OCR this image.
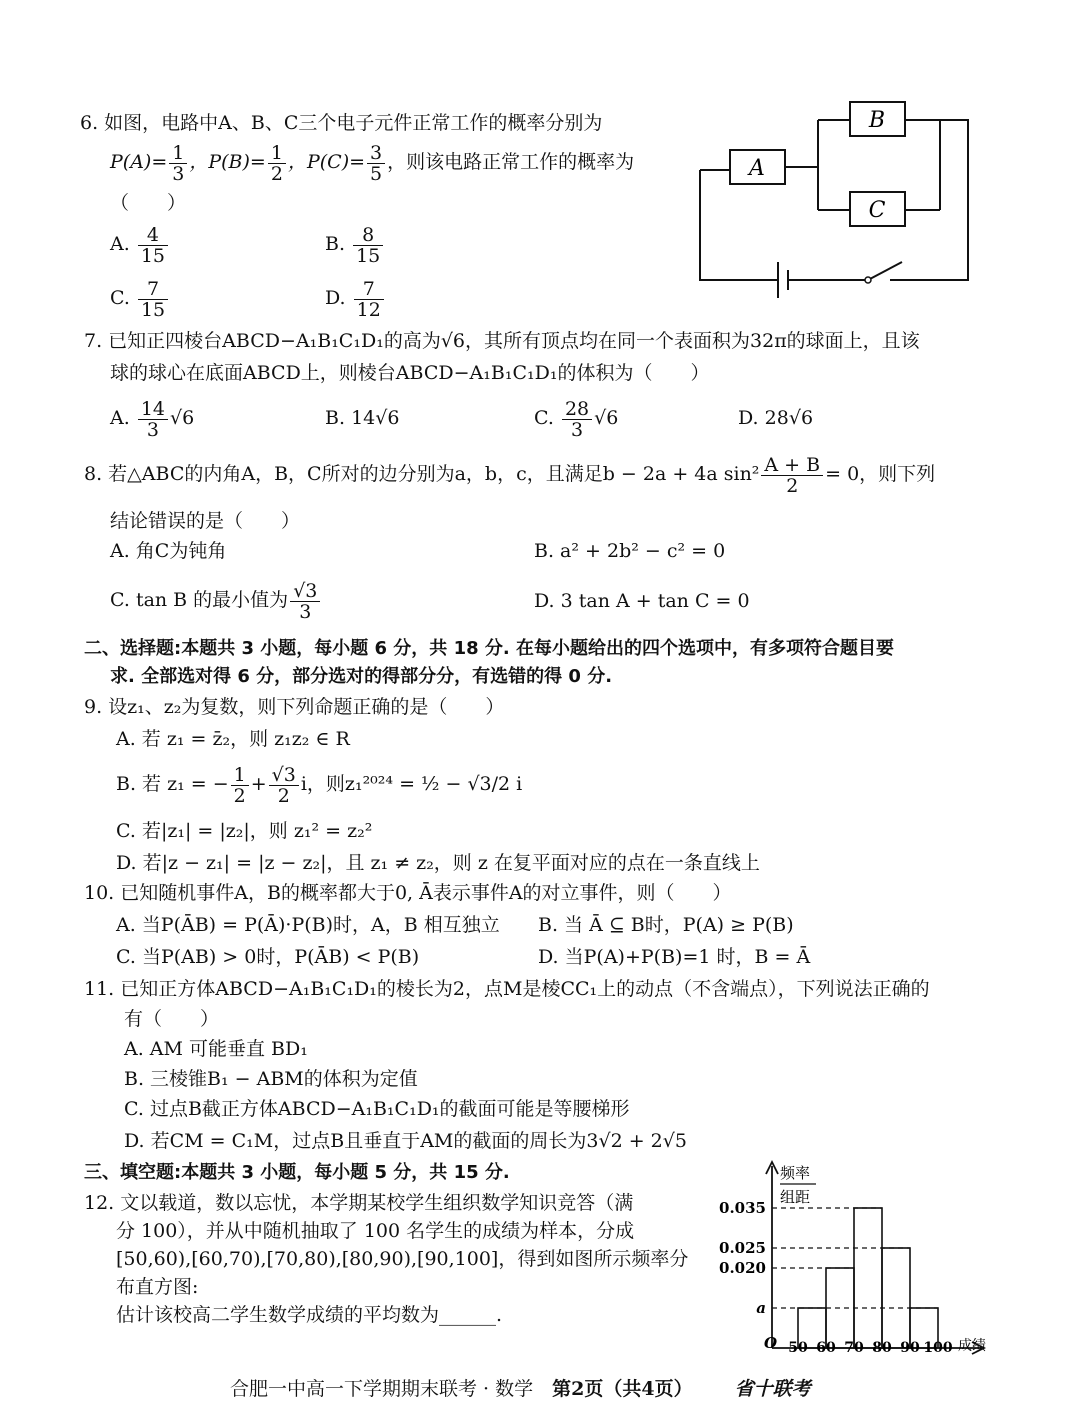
6. 如图，电路中A、B、C三个电子元件正常工作的概率分别为
$P(A)= \frac{1}{3}$ ，$P(B)= \frac{1}{2}$ ，$P(C)= \frac{3}{5}$ ，则该电路正常工作的概率为
（　　）
A. $\frac{4}{15}$	B. $\frac{8}{15}$
C. $\frac{7}{15}$	D. $\frac{7}{12}$
A
B
C
7. 已知正四棱台ABCD−A₁B₁C₁D₁的高为√6，其所有顶点均在同一个表面积为32π的球面上，且该
球的球心在底面ABCD上，则棱台ABCD−A₁B₁C₁D₁的体积为（　　）
A. $\frac{14}{3} √6$	B. 14√6	C. $\frac{28}{3} √6$	D. 28√6
8. 若△ABC的内角A，B，C所对的边分别为a，b，c，且满足b − 2a + 4a $\sin^2 \frac{A + B}{2} = 0$，则下列
结论错误的是（　　）
A. 角C为钝角	B. a² + 2b² − c² = 0
C. tan B 的最小值为 $\frac{√3}{3}$	D. 3 tan A + tan C = 0
二、选择题:本题共 3 小题，每小题 6 分，共 18 分. 在每小题给出的四个选项中，有多项符合题目要
求. 全部选对得 6 分，部分选对的得部分分，有选错的得 0 分.
9. 设z₁、z₂为复数，则下列命题正确的是（　　）
A. 若 z₁ = z̄₂，则 z₁z₂ ∈ R
B. 若 z₁ = − $\frac{1}{2} + \frac{√3}{2}$ i，则z₁²⁰²⁴ = ½ − √3/2 i
C. 若|z₁| = |z₂|，则 z₁² = z₂²
D. 若|z − z₁| = |z − z₂|，且 z₁ ≠ z₂，则 z 在复平面对应的点在一条直线上
10. 已知随机事件A，B的概率都大于0, Ā表示事件A的对立事件，则（　　）
A. 当P(ĀB) = P(Ā)·P(B)时，A，B 相互独立 B. 当 Ā ⊆ B时，P(A) ≥ P(B)
C. 当P(AB) > 0时，P(ĀB) < P(B)	D. 当P(A)+P(B)=1 时，B = Ā
11. 已知正方体ABCD−A₁B₁C₁D₁的棱长为2，点M是棱CC₁上的动点（不含端点），下列说法正确的
有（　　）
A. AM 可能垂直 BD₁
B. 三棱锥B₁ − ABM的体积为定值
C. 过点B截正方体ABCD−A₁B₁C₁D₁的截面可能是等腰梯形
D. 若CM = C₁M，过点B且垂直于AM的截面的周长为3√2 + 2√5
三、填空题:本题共 3 小题，每小题 5 分，共 15 分.
12. 文以载道，数以忘忧，本学期某校学生组织数学知识竞答（满
分 100），并从中随机抽取了 100 名学生的成绩为样本，分成
[50,60),[60,70),[70,80),[80,90),[90,100]，得到如图所示频率分
布直方图:
估计该校高二学生数学成绩的平均数为______.
频率
组距
O	成绩
0.035
0.025
0.020
a
50 60 70 80 90 100
合肥一中高一下学期期末联考 · 数学　第2页（共4页） 省十联考
